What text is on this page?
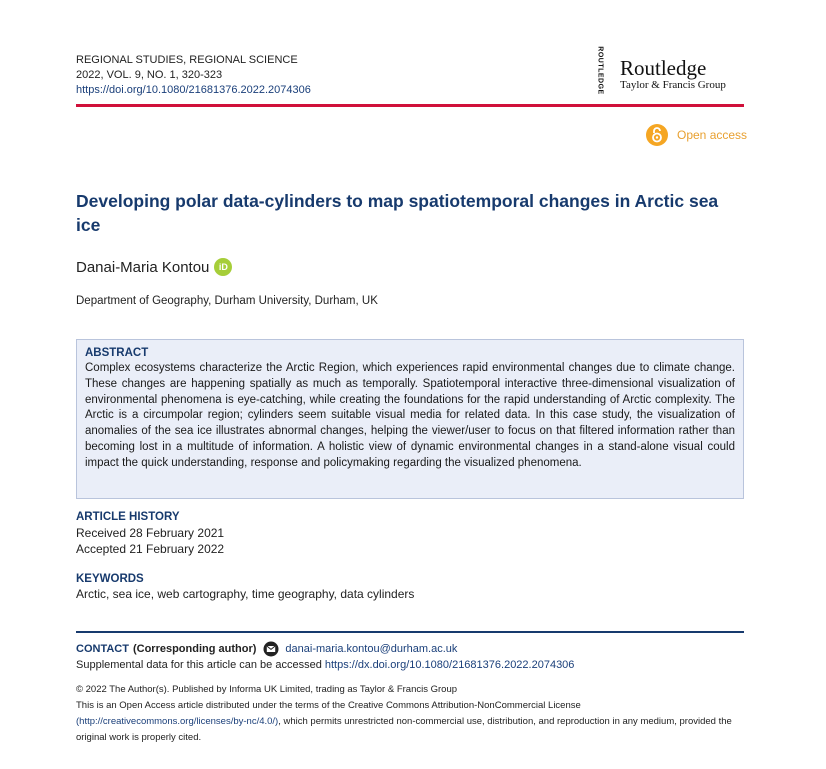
REGIONAL STUDIES, REGIONAL SCIENCE
2022, VOL. 9, NO. 1, 320-323
https://doi.org/10.1080/21681376.2022.2074306	ROUTLEDGE Routledge
Taylor & Francis Group
Open access
Developing polar data-cylinders to map spatiotemporal changes in Arctic sea ice
Danai-Maria Kontou	iD
Department of Geography, Durham University, Durham, UK
ABSTRACT
Complex ecosystems characterize the Arctic Region, which experiences rapid environmental changes due to climate change. These changes are happening spatially as much as temporally. Spatiotemporal interactive three-dimensional visualization of environmental phenomena is eye-catching, while creating the foundations for the rapid understanding of Arctic complexity. The Arctic is a circumpolar region; cylinders seem suitable visual media for related data. In this case study, the visualization of anomalies of the sea ice illustrates abnormal changes, helping the viewer/user to focus on that filtered information rather than becoming lost in a multitude of information. A holistic view of dynamic environmental changes in a stand-alone visual could impact the quick understanding, response and policymaking regarding the visualized phenomena.
ARTICLE HISTORY
Received 28 February 2021
Accepted 21 February 2022
KEYWORDS
Arctic, sea ice, web cartography, time geography, data cylinders
CONTACT (Corresponding author)	danai-maria.kontou@durham.ac.uk
Supplemental data for this article can be accessed https://dx.doi.org/10.1080/21681376.2022.2074306
© 2022 The Author(s). Published by Informa UK Limited, trading as Taylor & Francis Group
This is an Open Access article distributed under the terms of the Creative Commons Attribution-NonCommercial License
(http://creativecommons.org/licenses/by-nc/4.0/), which permits unrestricted non-commercial use, distribution, and reproduction in any medium, provided the original work is properly cited.
